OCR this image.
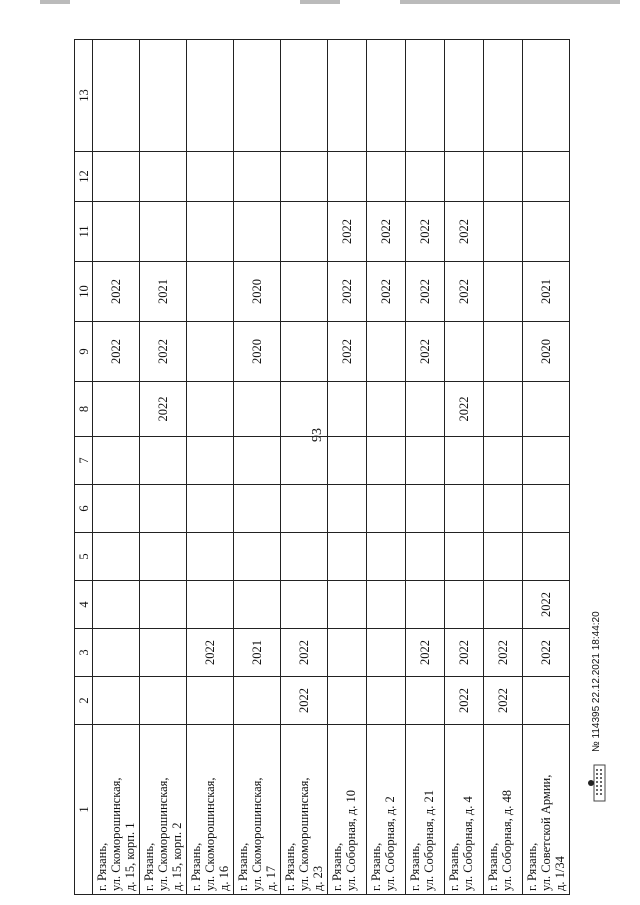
93
1	2	3	4	5	6	7	8	9	10	11	12	13
г. Рязань,
ул. Скоморошинская,
д. 15, корп. 1								2022	2022			
г. Рязань,
ул. Скоморошинская,
д. 15, корп. 2							2022	2022	2021			
г. Рязань,
ул. Скоморошинская,
д. 16		2022										
г. Рязань,
ул. Скоморошинская,
д. 17		2021						2020	2020			
г. Рязань,
ул. Скоморошинская,
д. 23	2022	2022										
г. Рязань,
ул. Соборная, д. 10								2022	2022	2022		
г. Рязань,
ул. Соборная, д. 2									2022	2022		
г. Рязань,
ул. Соборная, д. 21		2022						2022	2022	2022		
г. Рязань,
ул. Соборная, д. 4	2022	2022					2022		2022	2022		
г. Рязань,
ул. Соборная, д. 48	2022	2022										
г. Рязань,
ул. Советской Армии,
д. 1/34		2022	2022					2020	2021			
№ 114395 22.12.2021 18:44:20
